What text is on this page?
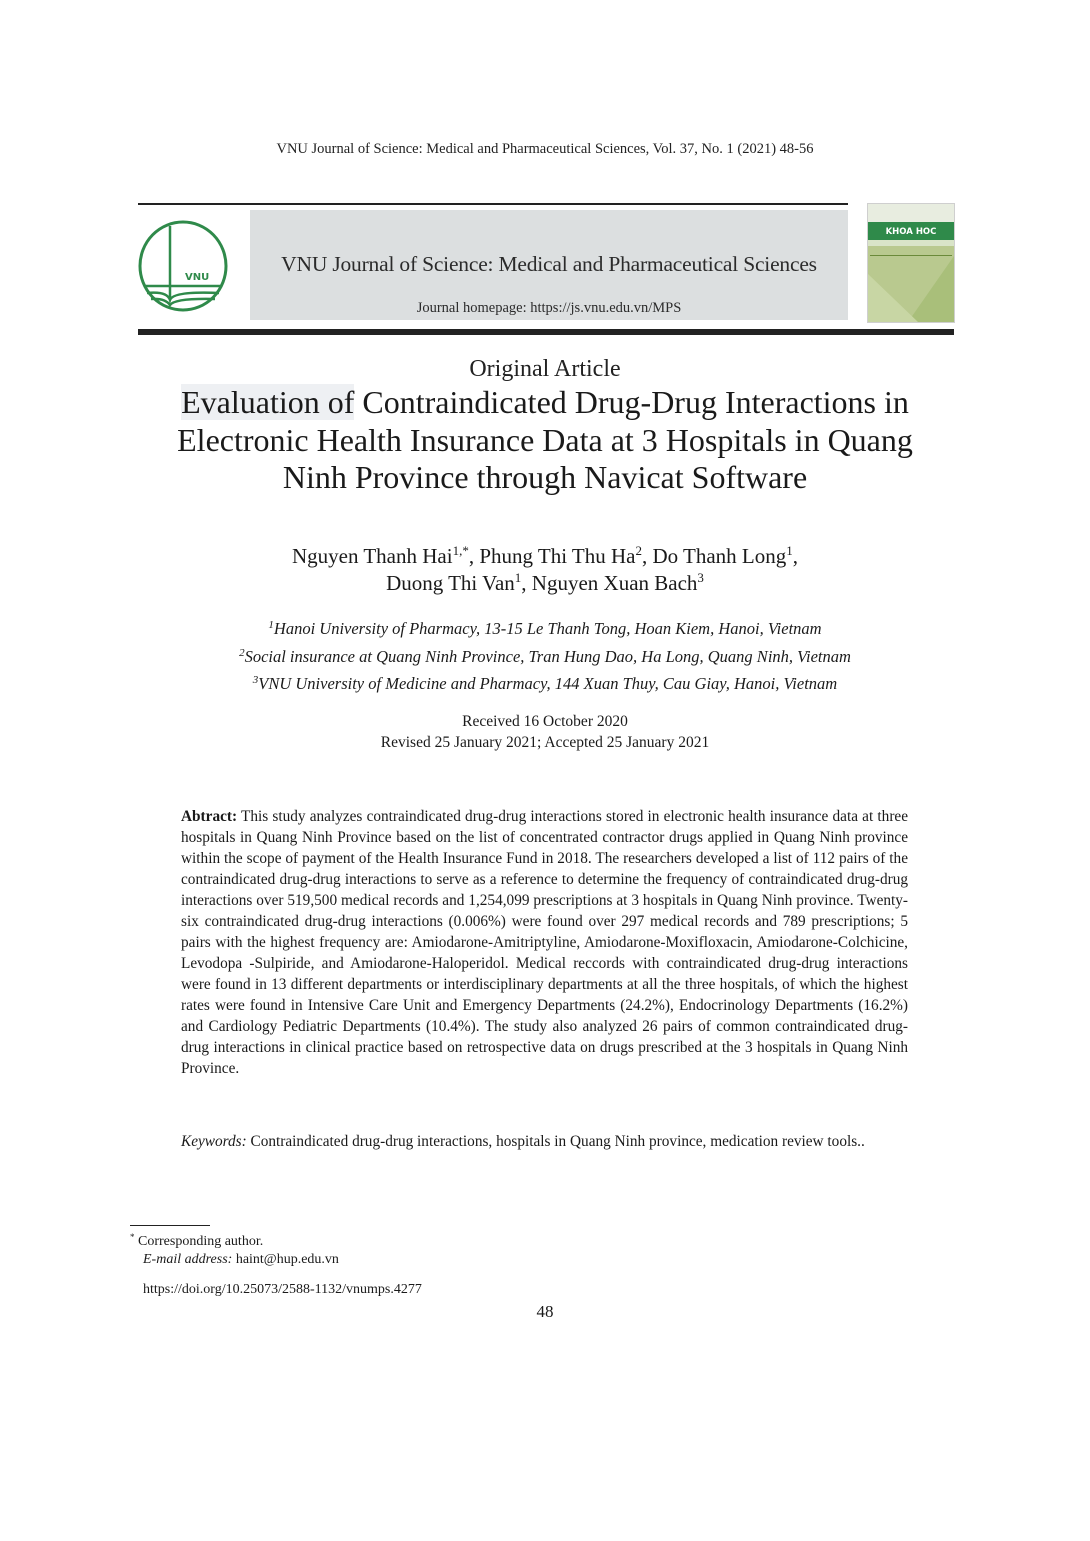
VNU Journal of Science: Medical and Pharmaceutical Sciences, Vol. 37, No. 1 (2021) 48-56
VNU
VNU Journal of Science: Medical and Pharmaceutical Sciences
Journal homepage: https://js.vnu.edu.vn/MPS
KHOA HOC
Original Article
Evaluation of Contraindicated Drug-Drug Interactions in
Electronic Health Insurance Data at 3 Hospitals in Quang
Ninh Province through Navicat Software
Nguyen Thanh Hai$^{1,*}$, Phung Thi Thu Ha$^2$, Do Thanh Long$^1$,
Duong Thi Van$^1$, Nguyen Xuan Bach$^3$
$^1$Hanoi University of Pharmacy, 13-15 Le Thanh Tong, Hoan Kiem, Hanoi, Vietnam
$^2$Social insurance at Quang Ninh Province, Tran Hung Dao, Ha Long, Quang Ninh, Vietnam
$^3$VNU University of Medicine and Pharmacy, 144 Xuan Thuy, Cau Giay, Hanoi, Vietnam
Received 16 October 2020
Revised 25 January 2021; Accepted 25 January 2021
Abtract: This study analyzes contraindicated drug-drug interactions stored in electronic health insurance data at three hospitals in Quang Ninh Province based on the list of concentrated contractor drugs applied in Quang Ninh province within the scope of payment of the Health Insurance Fund in 2018. The researchers developed a list of 112 pairs of the contraindicated drug-drug interactions to serve as a reference to determine the frequency of contraindicated drug-drug interactions over 519,500 medical records and 1,254,099 prescriptions at 3 hospitals in Quang Ninh province. Twenty-six contraindicated drug-drug interactions (0.006%) were found over 297 medical records and 789 prescriptions; 5 pairs with the highest frequency are: Amiodarone-Amitriptyline, Amiodarone-Moxifloxacin, Amiodarone-Colchicine, Levodopa -Sulpiride, and Amiodarone-Haloperidol. Medical reccords with contraindicated drug-drug interactions were found in 13 different departments or interdisciplinary departments at all the three hospitals, of which the highest rates were found in Intensive Care Unit and Emergency Departments (24.2%), Endocrinology Departments (16.2%) and Cardiology Pediatric Departments (10.4%). The study also analyzed 26 pairs of common contraindicated drug-drug interactions in clinical practice based on retrospective data on drugs prescribed at the 3 hospitals in Quang Ninh Province.
Keywords: Contraindicated drug-drug interactions, hospitals in Quang Ninh province, medication review tools..
* Corresponding author.
E-mail address: haint@hup.edu.vn
https://doi.org/10.25073/2588-1132/vnumps.4277
48
